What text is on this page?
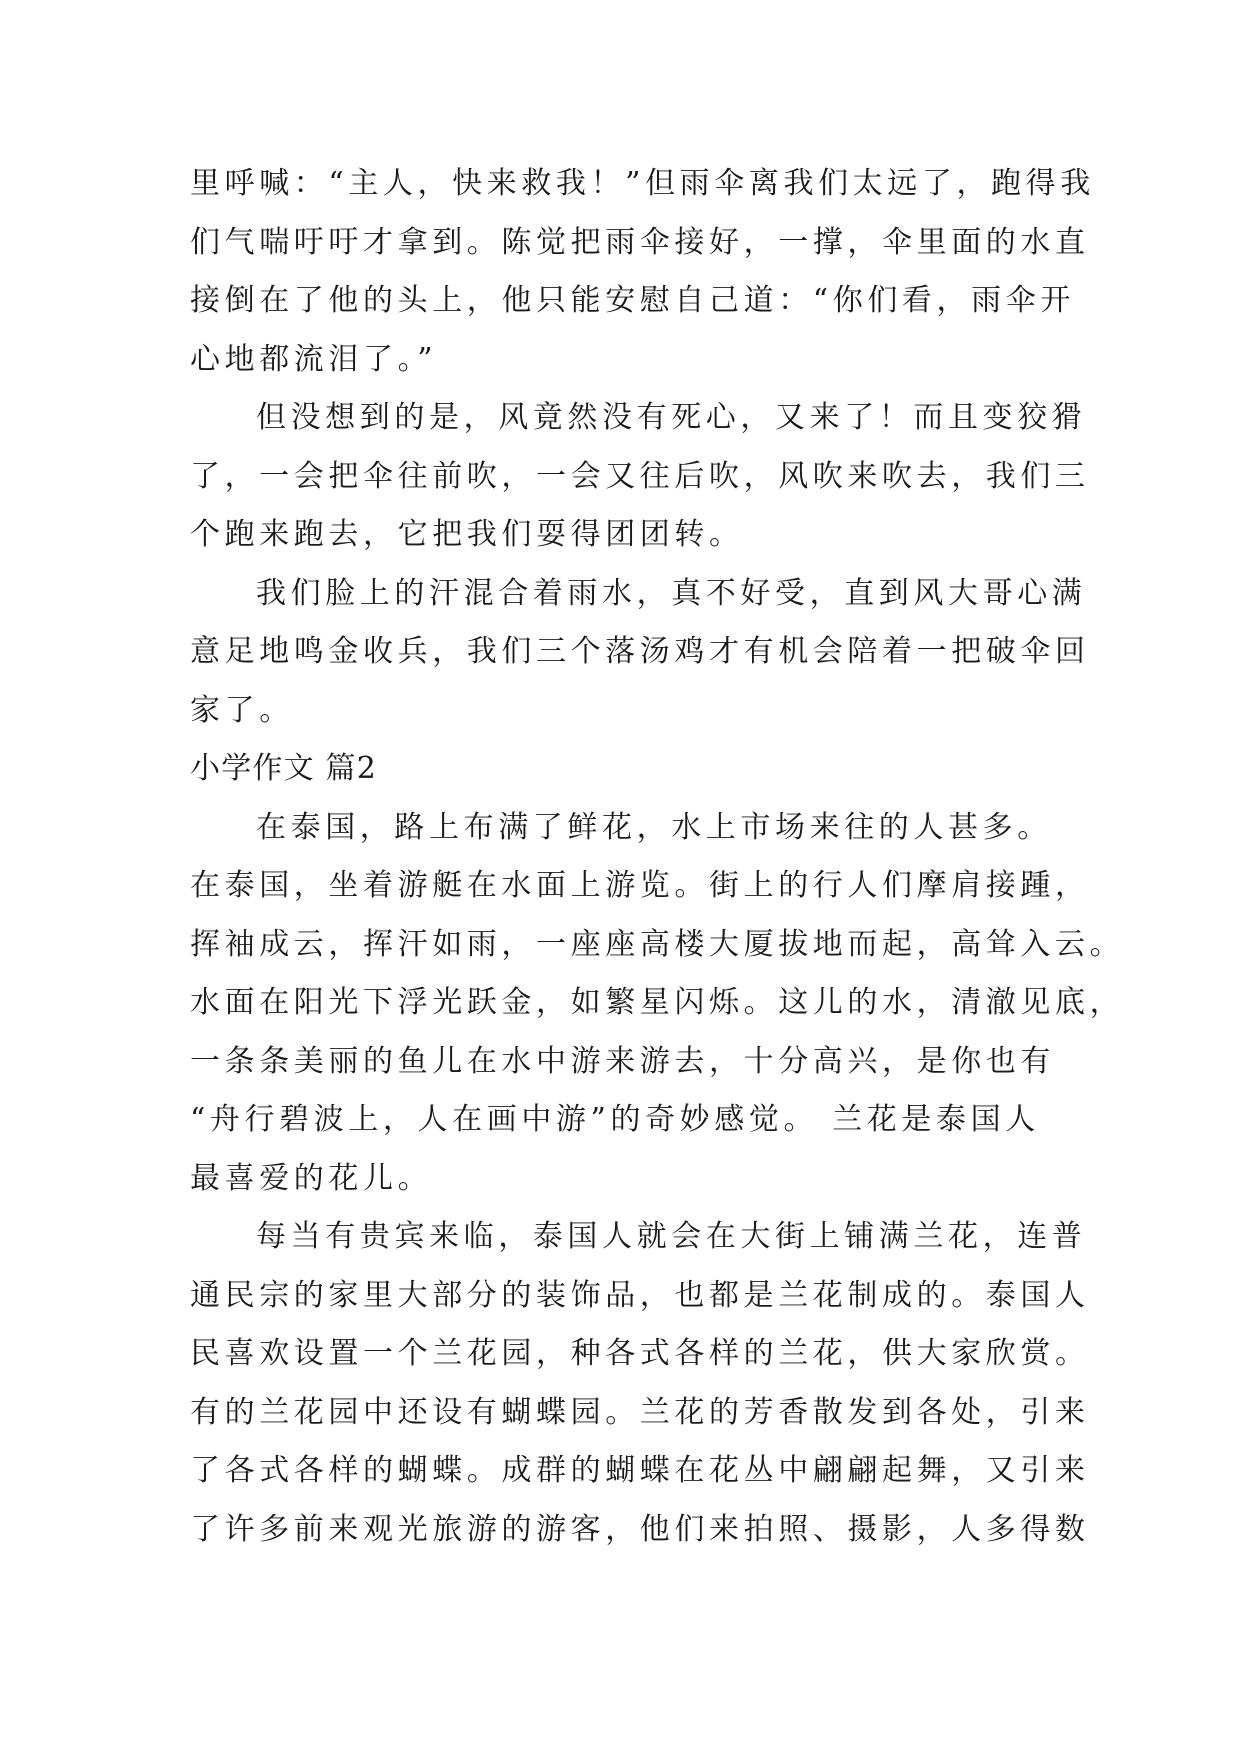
里呼喊：“主人，快来救我！”但雨伞离我们太远了，跑得我
们气喘吁吁才拿到。陈觉把雨伞接好，一撑，伞里面的水直
接倒在了他的头上，他只能安慰自己道：“你们看，雨伞开
心地都流泪了。”
但没想到的是，风竟然没有死心，又来了！而且变狡猾
了，一会把伞往前吹，一会又往后吹，风吹来吹去，我们三
个跑来跑去，它把我们耍得团团转。
我们脸上的汗混合着雨水，真不好受，直到风大哥心满
意足地鸣金收兵，我们三个落汤鸡才有机会陪着一把破伞回
家了。
小学作文 篇2
在泰国，路上布满了鲜花，水上市场来往的人甚多。
在泰国，坐着游艇在水面上游览。街上的行人们摩肩接踵，
挥袖成云，挥汗如雨，一座座高楼大厦拔地而起，高耸入云。
水面在阳光下浮光跃金，如繁星闪烁。这儿的水，清澈见底，
一条条美丽的鱼儿在水中游来游去，十分高兴，是你也有
“舟行碧波上，人在画中游”的奇妙感觉。 兰花是泰国人
最喜爱的花儿。
每当有贵宾来临，泰国人就会在大街上铺满兰花，连普
通民宗的家里大部分的装饰品，也都是兰花制成的。泰国人
民喜欢设置一个兰花园，种各式各样的兰花，供大家欣赏。
有的兰花园中还设有蝴蝶园。兰花的芳香散发到各处，引来
了各式各样的蝴蝶。成群的蝴蝶在花丛中翩翩起舞，又引来
了许多前来观光旅游的游客，他们来拍照、摄影，人多得数
